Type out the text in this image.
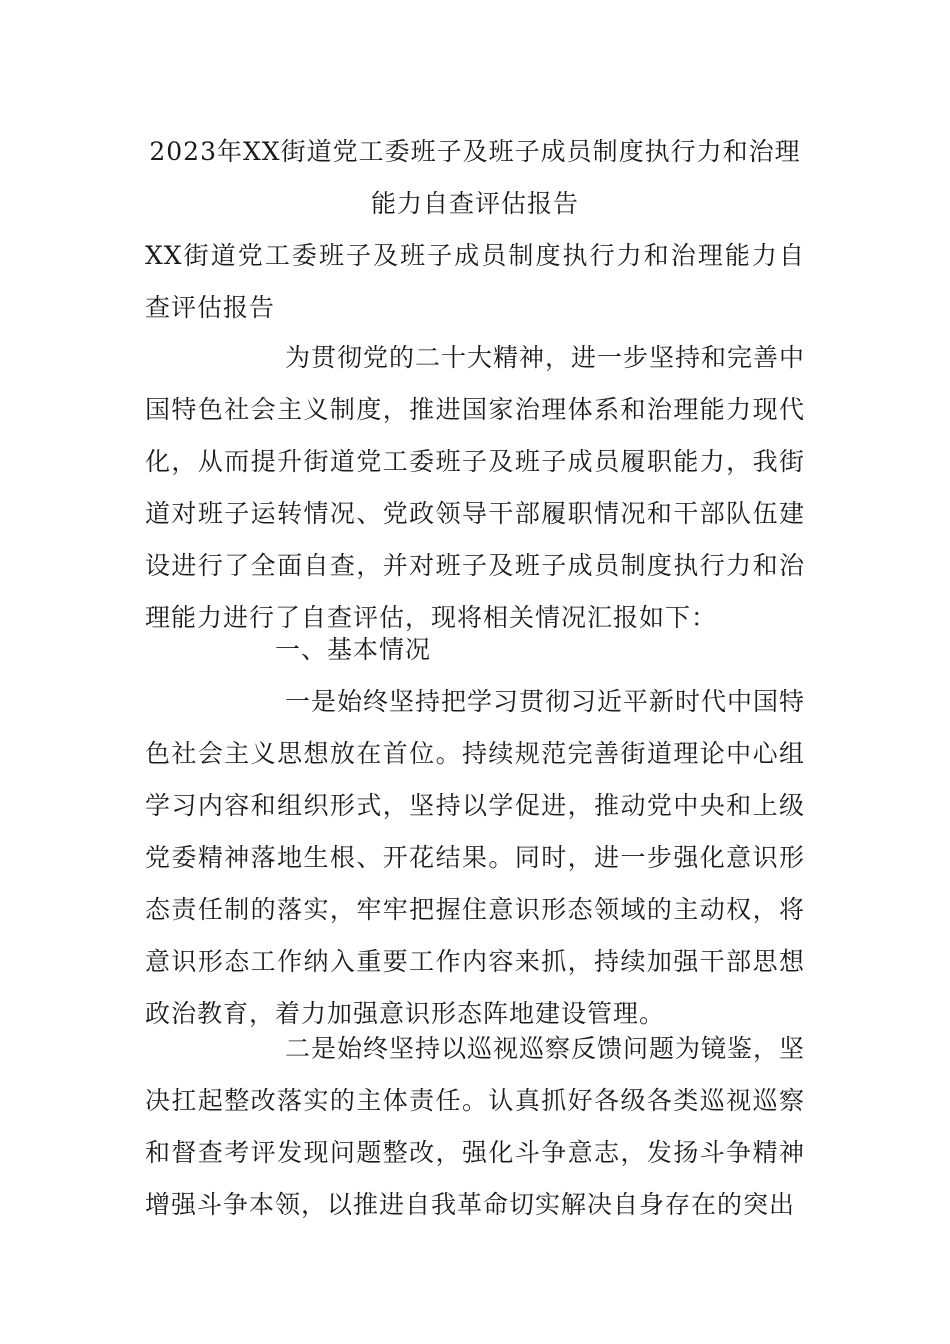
2023年XX街道党工委班子及班子成员制度执行力和治理能力自查评估报告

XX街道党工委班子及班子成员制度执行力和治理能力自查评估报告

为贯彻党的二十大精神，进一步坚持和完善中国特色社会主义制度，推进国家治理体系和治理能力现代化，从而提升街道党工委班子及班子成员履职能力，我街道对班子运转情况、党政领导干部履职情况和干部队伍建设进行了全面自查，并对班子及班子成员制度执行力和治理能力进行了自查评估，现将相关情况汇报如下：

一、基本情况

一是始终坚持把学习贯彻习近平新时代中国特色社会主义思想放在首位。持续规范完善街道理论中心组学习内容和组织形式，坚持以学促进，推动党中央和上级党委精神落地生根、开花结果。同时，进一步强化意识形态责任制的落实，牢牢把握住意识形态领域的主动权，将意识形态工作纳入重要工作内容来抓，持续加强干部思想政治教育，着力加强意识形态阵地建设管理。

二是始终坚持以巡视巡察反馈问题为镜鉴，坚决扛起整改落实的主体责任。认真抓好各级各类巡视巡察和督查考评发现问题整改，强化斗争意志，发扬斗争精神增强斗争本领，以推进自我革命切实解决自身存在的突出
